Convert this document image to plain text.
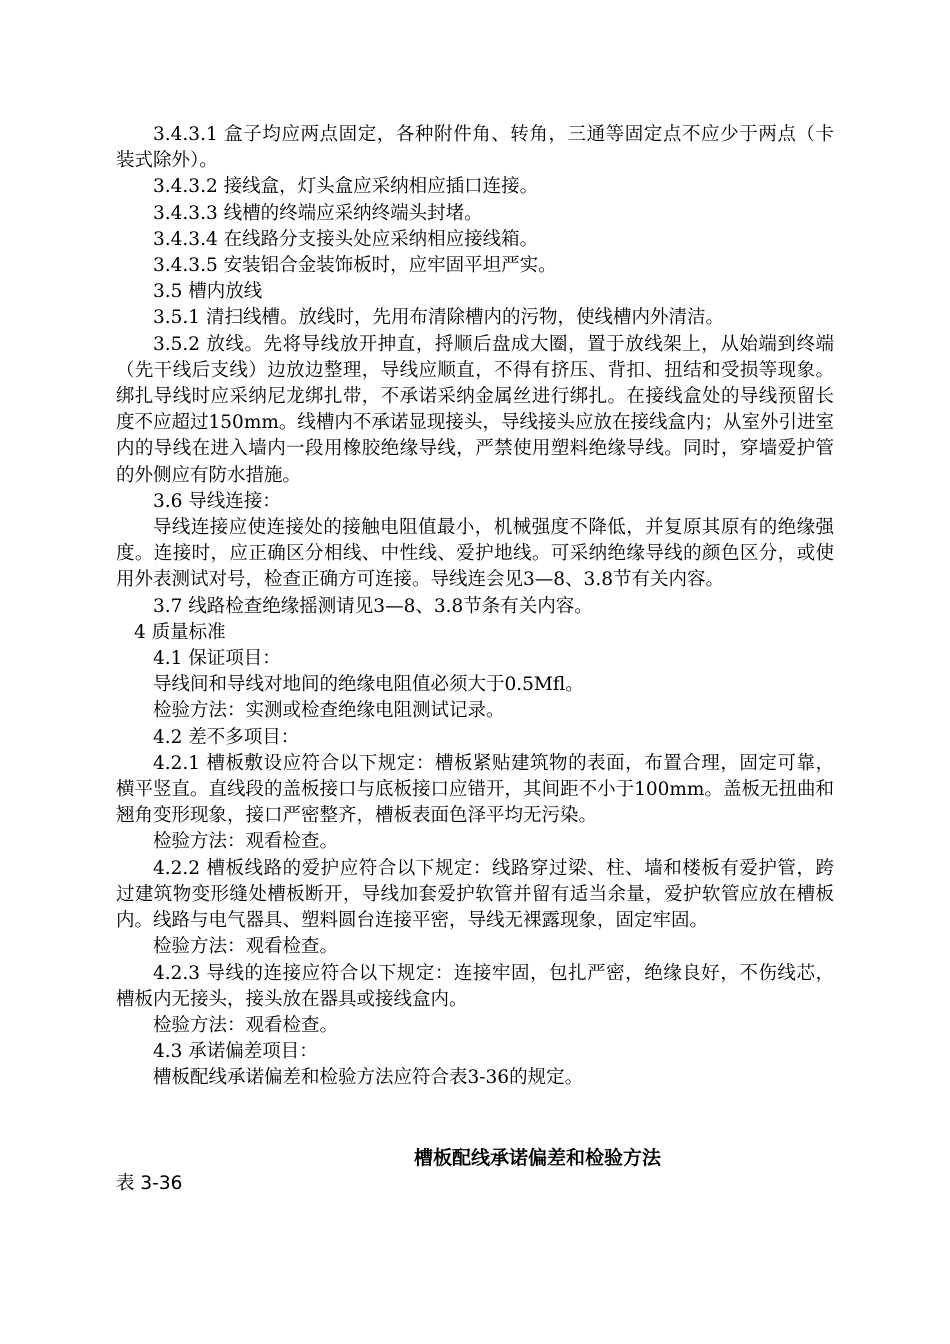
3.4.3.1 盒子均应两点固定，各种附件角、转角，三通等固定点不应少于两点（卡装式除外）。

3.4.3.2 接线盒，灯头盒应采纳相应插口连接。

3.4.3.3 线槽的终端应采纳终端头封堵。

3.4.3.4 在线路分支接头处应采纳相应接线箱。

3.4.3.5 安装铝合金装饰板时，应牢固平坦严实。

3.5 槽内放线

3.5.1 清扫线槽。放线时，先用布清除槽内的污物，使线槽内外清洁。

3.5.2 放线。先将导线放开抻直，捋顺后盘成大圈，置于放线架上，从始端到终端（先干线后支线）边放边整理，导线应顺直，不得有挤压、背扣、扭结和受损等现象。绑扎导线时应采纳尼龙绑扎带，不承诺采纳金属丝进行绑扎。在接线盒处的导线预留长度不应超过150mm。线槽内不承诺显现接头，导线接头应放在接线盒内；从室外引进室内的导线在进入墙内一段用橡胶绝缘导线，严禁使用塑料绝缘导线。同时，穿墙爱护管的外侧应有防水措施。

3.6 导线连接：

导线连接应使连接处的接触电阻值最小，机械强度不降低，并复原其原有的绝缘强度。连接时，应正确区分相线、中性线、爱护地线。可采纳绝缘导线的颜色区分，或使用外表测试对号，检查正确方可连接。导线连会见3—8、3.8节有关内容。

3.7 线路检查绝缘摇测请见3—8、3.8节条有关内容。

4 质量标准

4.1 保证项目：

导线间和导线对地间的绝缘电阻值必须大于0.5Mfl。

检验方法：实测或检查绝缘电阻测试记录。

4.2 差不多项目：

4.2.1 槽板敷设应符合以下规定：槽板紧贴建筑物的表面，布置合理，固定可靠，横平竖直。直线段的盖板接口与底板接口应错开，其间距不小于100mm。盖板无扭曲和翘角变形现象，接口严密整齐，槽板表面色泽平均无污染。

检验方法：观看检查。

4.2.2 槽板线路的爱护应符合以下规定：线路穿过梁、柱、墙和楼板有爱护管，跨过建筑物变形缝处槽板断开，导线加套爱护软管并留有适当余量，爱护软管应放在槽板内。线路与电气器具、塑料圆台连接平密，导线无裸露现象，固定牢固。

检验方法：观看检查。

4.2.3 导线的连接应符合以下规定：连接牢固，包扎严密，绝缘良好，不伤线芯，槽板内无接头，接头放在器具或接线盒内。

检验方法：观看检查。

4.3 承诺偏差项目：

槽板配线承诺偏差和检验方法应符合表3-36的规定。

槽板配线承诺偏差和检验方法

表 3-36
